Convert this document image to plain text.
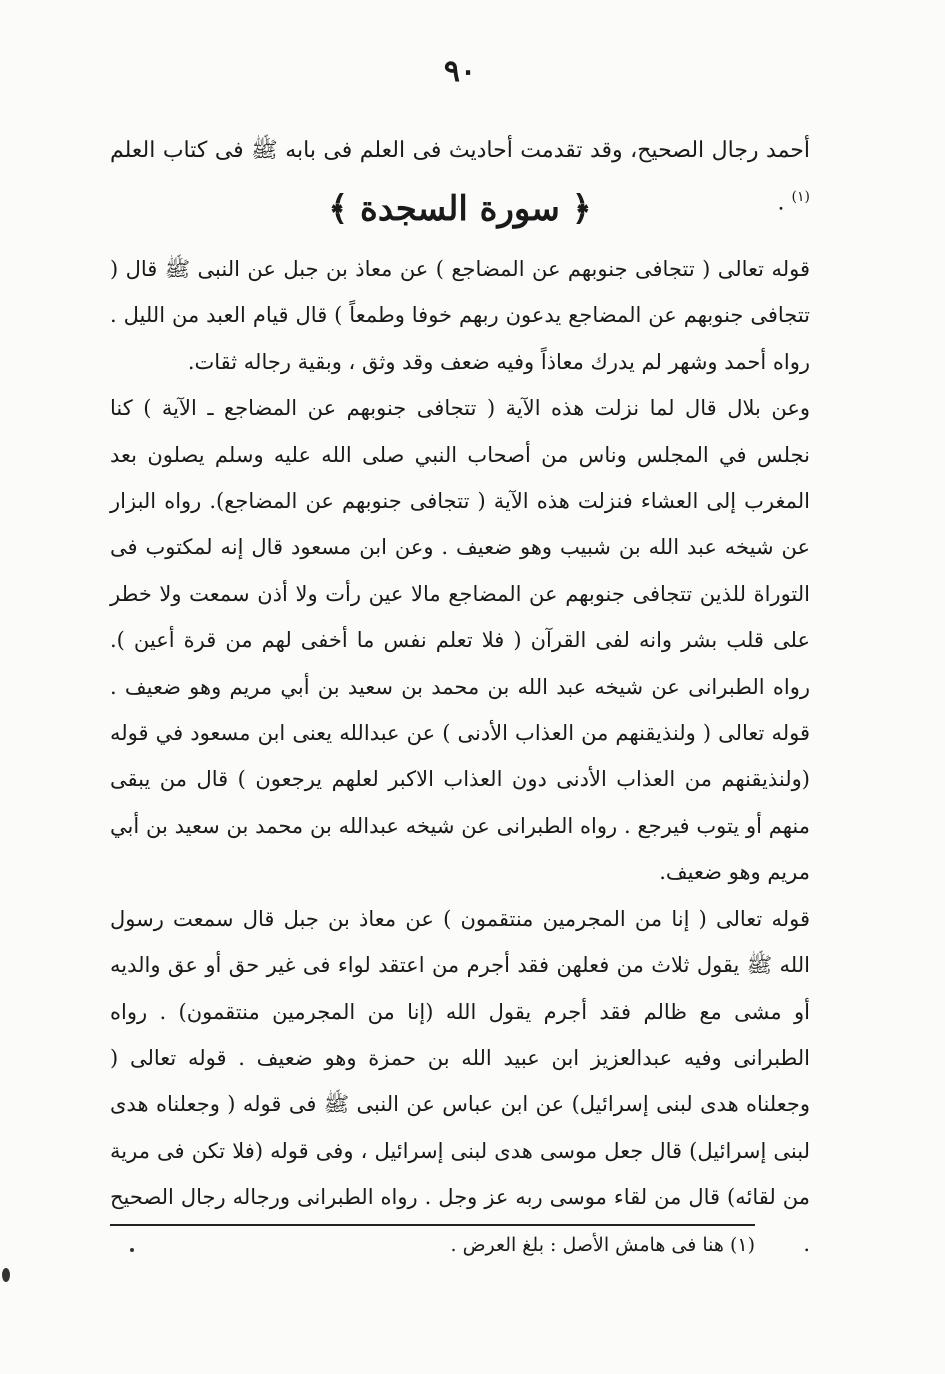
٩٠
أحمد رجال الصحيح، وقد تقدمت أحاديث فى العلم فى بابه ﷺ فى كتاب العلم $^{(١)}$ .
﴿ سورة السجدة ﴾

قوله تعالى ( تتجافى جنوبهم عن المضاجع ) عن معاذ بن جبل عن النبى ﷺ قال ( تتجافى جنوبهم عن المضاجع يدعون ربهم خوفا وطمعاً ) قال قيام العبد من الليل . رواه أحمد وشهر لم يدرك معاذاً وفيه ضعف وقد وثق ، وبقية رجاله ثقات.

وعن بلال قال لما نزلت هذه الآية ( تتجافى جنوبهم عن المضاجع ـ الآية ) كنا نجلس في المجلس وناس من أصحاب النبي صلى الله عليه وسلم يصلون بعد المغرب إلى العشاء فنزلت هذه الآية ( تتجافى جنوبهم عن المضاجع). رواه البزار عن شيخه عبد الله بن شبيب وهو ضعيف . وعن ابن مسعود قال إنه لمكتوب فى التوراة للذين تتجافى جنوبهم عن المضاجع مالا عين رأت ولا أذن سمعت ولا خطر على قلب بشر وانه لفى القرآن ( فلا تعلم نفس ما أخفى لهم من قرة أعين ). رواه الطبرانى عن شيخه عبد الله بن محمد بن سعيد بن أبي مريم وهو ضعيف . قوله تعالى ( ولنذيقنهم من العذاب الأدنى ) عن عبدالله يعنى ابن مسعود في قوله (ولنذيقنهم من العذاب الأدنى دون العذاب الاكبر لعلهم يرجعون ) قال من يبقى منهم أو يتوب فيرجع . رواه الطبرانى عن شيخه عبدالله بن محمد بن سعيد بن أبي مريم وهو ضعيف.

قوله تعالى ( إنا من المجرمين منتقمون ) عن معاذ بن جبل قال سمعت رسول الله ﷺ يقول ثلاث من فعلهن فقد أجرم من اعتقد لواء فى غير حق أو عق والديه أو مشى مع ظالم فقد أجرم يقول الله (إنا من المجرمين منتقمون) . رواه الطبرانى وفيه عبدالعزيز ابن عبيد الله بن حمزة وهو ضعيف . قوله تعالى ( وجعلناه هدى لبنى إسرائيل) عن ابن عباس عن النبى ﷺ فى قوله ( وجعلناه هدى لبنى إسرائيل) قال جعل موسى هدى لبنى إسرائيل ، وفى قوله (فلا تكن فى مرية من لقائه) قال من لقاء موسى ربه عز وجل . رواه الطبرانى ورجاله رجال الصحيح .

(١) هنا فى هامش الأصل : بلغ العرض .
